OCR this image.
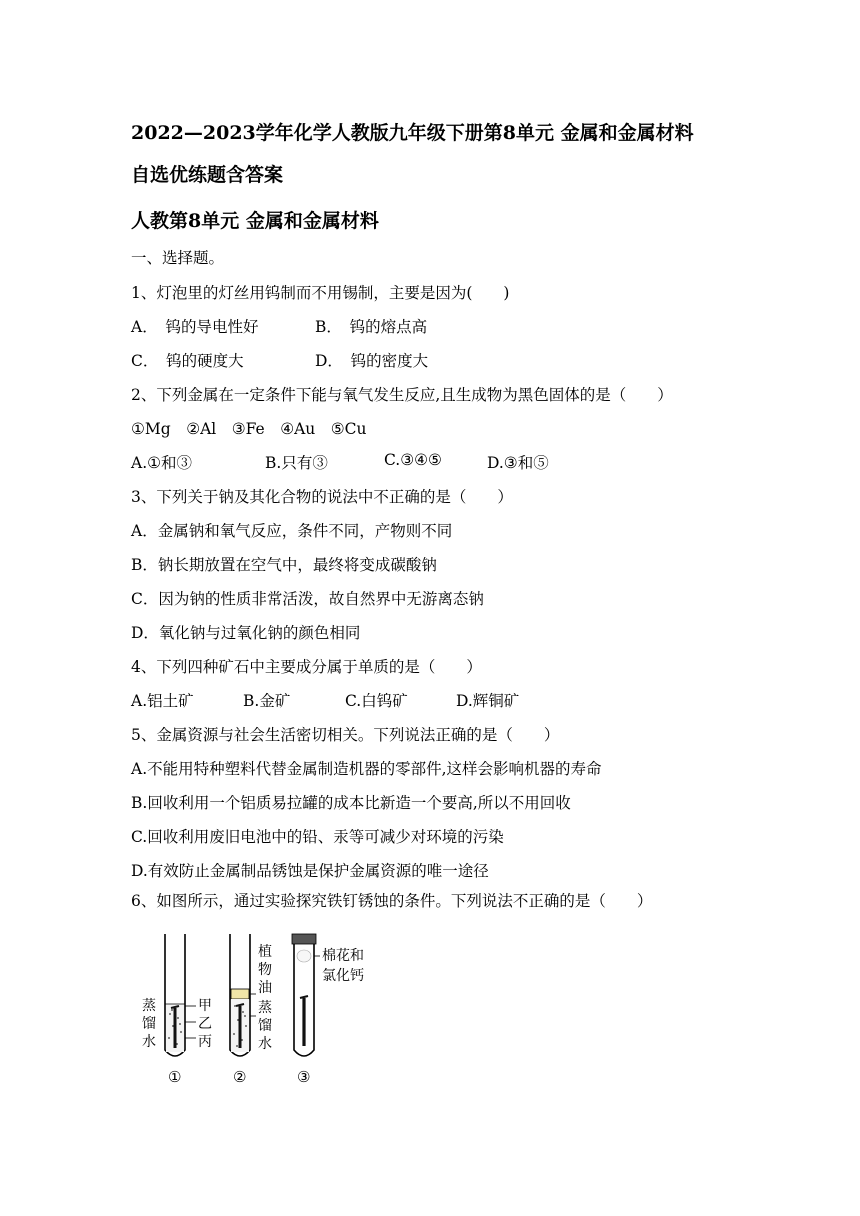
2022—2023学年化学人教版九年级下册第8单元 金属和金属材料
自选优练题含答案
人教第8单元 金属和金属材料
一、选择题。
1、灯泡里的灯丝用钨制而不用锡制，主要是因为(　　)
A．　钨的导电性好	B．　钨的熔点高
C．　钨的硬度大	D．　钨的密度大
2、下列金属在一定条件下能与氧气发生反应,且生成物为黑色固体的是（　　）
①Mg　②Al　③Fe　④Au　⑤Cu
A.①和③	B.只有③	C.③④⑤	D.③和⑤
3、下列关于钠及其化合物的说法中不正确的是（　　）
A．金属钠和氧气反应，条件不同，产物则不同
B．钠长期放置在空气中，最终将变成碳酸钠
C．因为钠的性质非常活泼，故自然界中无游离态钠
D．氧化钠与过氧化钠的颜色相同
4、下列四种矿石中主要成分属于单质的是（　　）
A.铝土矿	B.金矿	C.白钨矿	D.辉铜矿
5、金属资源与社会生活密切相关。下列说法正确的是（　　）
A.不能用特种塑料代替金属制造机器的零部件,这样会影响机器的寿命
B.回收利用一个铝质易拉罐的成本比新造一个要高,所以不用回收
C.回收利用废旧电池中的铅、汞等可减少对环境的污染
D.有效防止金属制品锈蚀是保护金属资源的唯一途径
6、如图所示，通过实验探究铁钉锈蚀的条件。下列说法不正确的是（　　）
蒸
馏
水
甲
乙
丙
植
物
油
蒸
馏
水
棉花和
氯化钙
①	②	③
